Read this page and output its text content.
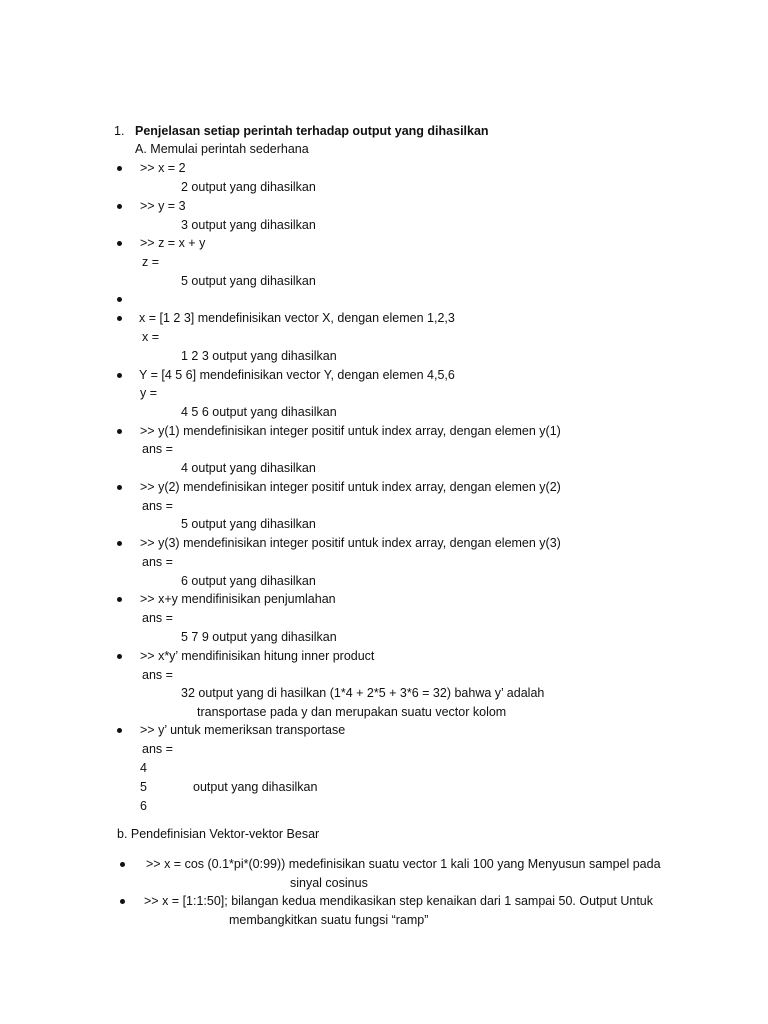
1. Penjelasan setiap perintah terhadap output yang dihasilkan
A. Memulai perintah sederhana
>> x = 2
2 output yang dihasilkan
>> y = 3
3 output yang dihasilkan
>> z = x + y
z =
5 output yang dihasilkan
x = [1 2 3] mendefinisikan vector X, dengan elemen 1,2,3
x =
1 2 3 output yang dihasilkan
Y = [4 5 6] mendefinisikan vector Y, dengan elemen 4,5,6
y =
4 5 6 output yang dihasilkan
>> y(1) mendefinisikan integer positif untuk index array, dengan elemen y(1)
ans =
4 output yang dihasilkan
>> y(2) mendefinisikan integer positif untuk index array, dengan elemen y(2)
ans =
5 output yang dihasilkan
>> y(3) mendefinisikan integer positif untuk index array, dengan elemen y(3)
ans =
6 output yang dihasilkan
>> x+y mendifinisikan penjumlahan
ans =
5 7 9 output yang dihasilkan
>> x*y’ mendifinisikan hitung inner product
ans =
32 output yang di hasilkan (1*4 + 2*5 + 3*6 = 32) bahwa y’ adalah
transportase pada y dan merupakan suatu vector kolom
>> y’ untuk memeriksan transportase
ans =
4
5	output yang dihasilkan
6
b. Pendefinisian Vektor-vektor Besar
>> x = cos (0.1*pi*(0:99)) medefinisikan suatu vector 1 kali 100 yang Menyusun sampel pada
sinyal cosinus
>> x = [1:1:50]; bilangan kedua mendikasikan step kenaikan dari 1 sampai 50. Output Untuk
membangkitkan suatu fungsi “ramp”
